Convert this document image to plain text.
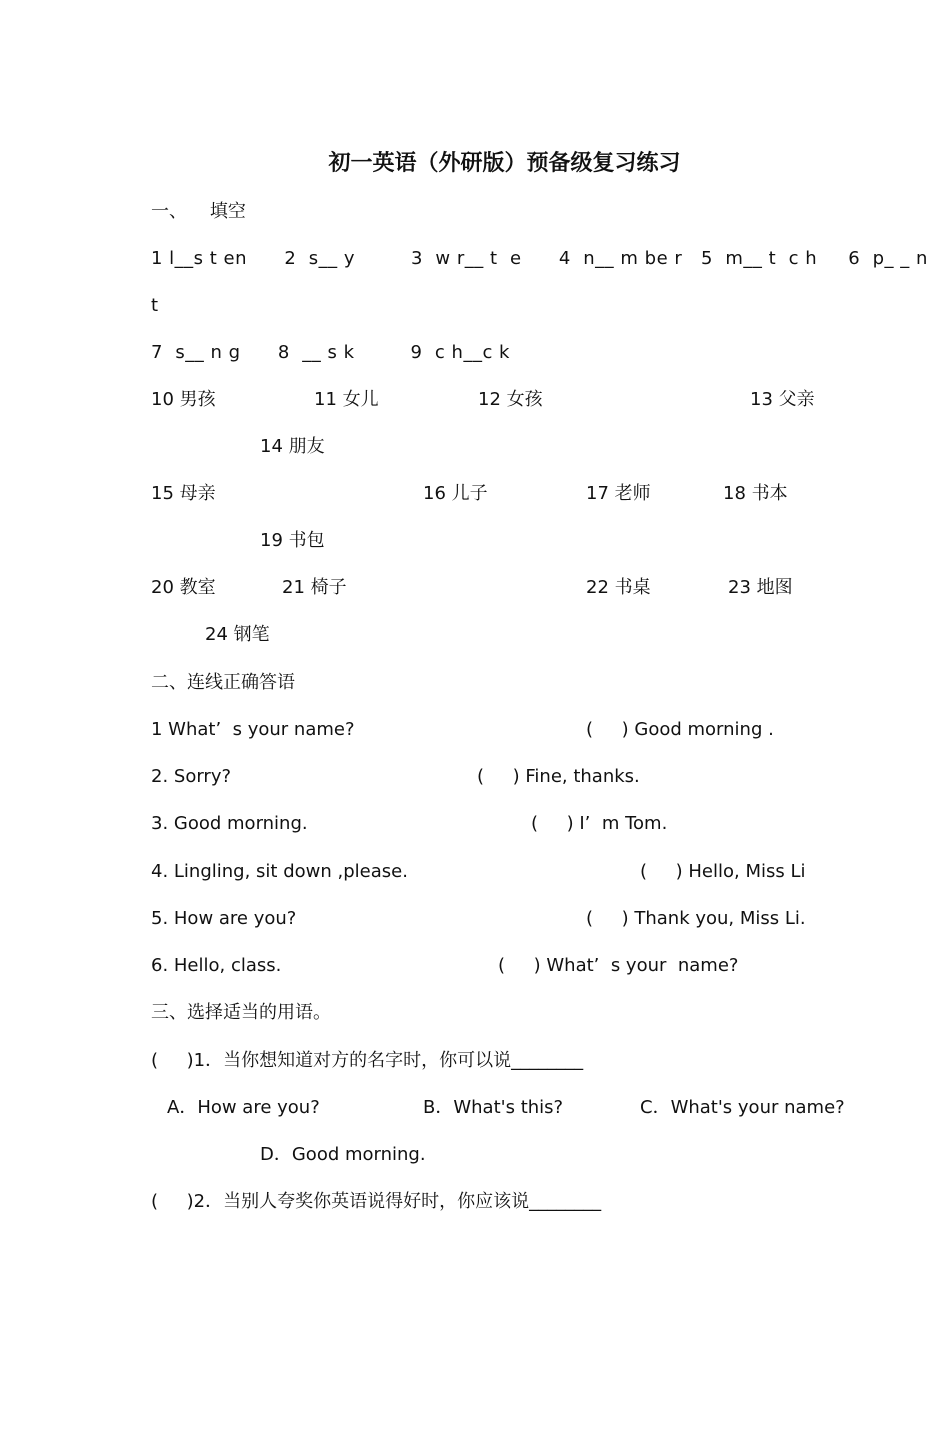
初一英语（外研版）预备级复习练习

一、    填空

1 l__s t en      2  s__ y         3  w r__ t  e      4  n__ m be r   5  m__ t  c h     6  p_ _ n

t

7  s__ n g      8  __ s k         9  c h__c k

10 男孩	11 女儿	12 女孩	13 父亲
14 朋友
15 母亲	16 儿子	17 老师	18 书本
19 书包
20 教室	21 椅子	22 书桌	23 地图
24 钢笔

二、连线正确答语

1 What’  s your name?	(     ) Good morning .
2. Sorry?	(     ) Fine, thanks.
3. Good morning.	(     ) I’  m Tom.
4. Lingling, sit down ,please.	(     ) Hello, Miss Li
5. How are you?	(     ) Thank you, Miss Li.
6. Hello, class.	(     ) What’  s your  name?

三、选择适当的用语。

(     )1．当你想知道对方的名字时，你可以说________

A．How are you?	B．What's this?	C．What's your name?
D．Good morning.

(     )2．当别人夸奖你英语说得好时，你应该说________
